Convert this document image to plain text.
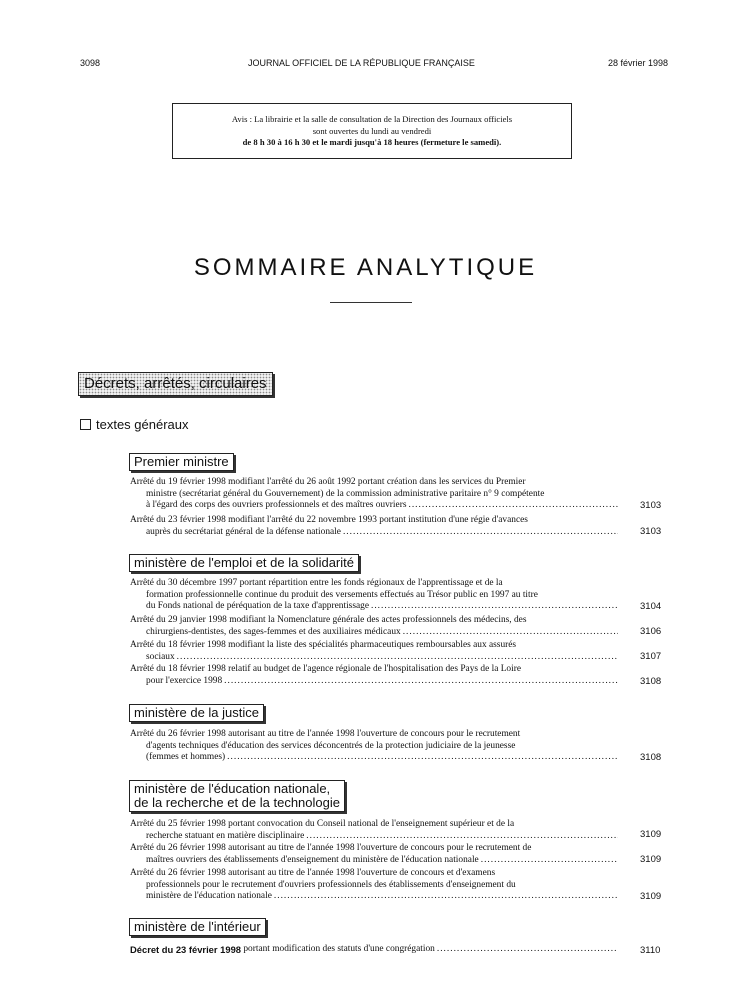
3098	JOURNAL OFFICIEL DE LA RÉPUBLIQUE FRANÇAISE	28 février 1998
Avis : La librairie et la salle de consultation de la Direction des Journaux officiels
sont ouvertes du lundi au vendredi
de 8 h 30 à 16 h 30 et le mardi jusqu'à 18 heures (fermeture le samedi).
SOMMAIRE ANALYTIQUE
Décrets, arrêtés, circulaires
textes généraux
Premier ministre
Arrêté du 19 février 1998 modifiant l'arrêté du 26 août 1992 portant création dans les services du Premier
ministre (secrétariat général du Gouvernement) de la commission administrative paritaire n° 9 compétente
à l'égard des corps des ouvriers professionnels et des maîtres ouvriers .....	3103
Arrêté du 23 février 1998 modifiant l'arrêté du 22 novembre 1993 portant institution d'une régie d'avances
auprès du secrétariat général de la défense nationale .....	3103
ministère de l'emploi et de la solidarité
Arrêté du 30 décembre 1997 portant répartition entre les fonds régionaux de l'apprentissage et de la
formation professionnelle continue du produit des versements effectués au Trésor public en 1997 au titre
du Fonds national de péréquation de la taxe d'apprentissage .....	3104
Arrêté du 29 janvier 1998 modifiant la Nomenclature générale des actes professionnels des médecins, des
chirurgiens-dentistes, des sages-femmes et des auxiliaires médicaux .....	3106
Arrêté du 18 février 1998 modifiant la liste des spécialités pharmaceutiques remboursables aux assurés
sociaux .....	3107
Arrêté du 18 février 1998 relatif au budget de l'agence régionale de l'hospitalisation des Pays de la Loire
pour l'exercice 1998 .....	3108
ministère de la justice
Arrêté du 26 février 1998 autorisant au titre de l'année 1998 l'ouverture de concours pour le recrutement
d'agents techniques d'éducation des services déconcentrés de la protection judiciaire de la jeunesse
(femmes et hommes) .....	3108
ministère de l'éducation nationale,
de la recherche et de la technologie
Arrêté du 25 février 1998 portant convocation du Conseil national de l'enseignement supérieur et de la
recherche statuant en matière disciplinaire .....	3109
Arrêté du 26 février 1998 autorisant au titre de l'année 1998 l'ouverture de concours pour le recrutement de
maîtres ouvriers des établissements d'enseignement du ministère de l'éducation nationale .....	3109
Arrêté du 26 février 1998 autorisant au titre de l'année 1998 l'ouverture de concours et d'examens
professionnels pour le recrutement d'ouvriers professionnels des établissements d'enseignement du
ministère de l'éducation nationale .....	3109
ministère de l'intérieur
Décret du 23 février 1998
portant modification des statuts d'une congrégation .....	3110
